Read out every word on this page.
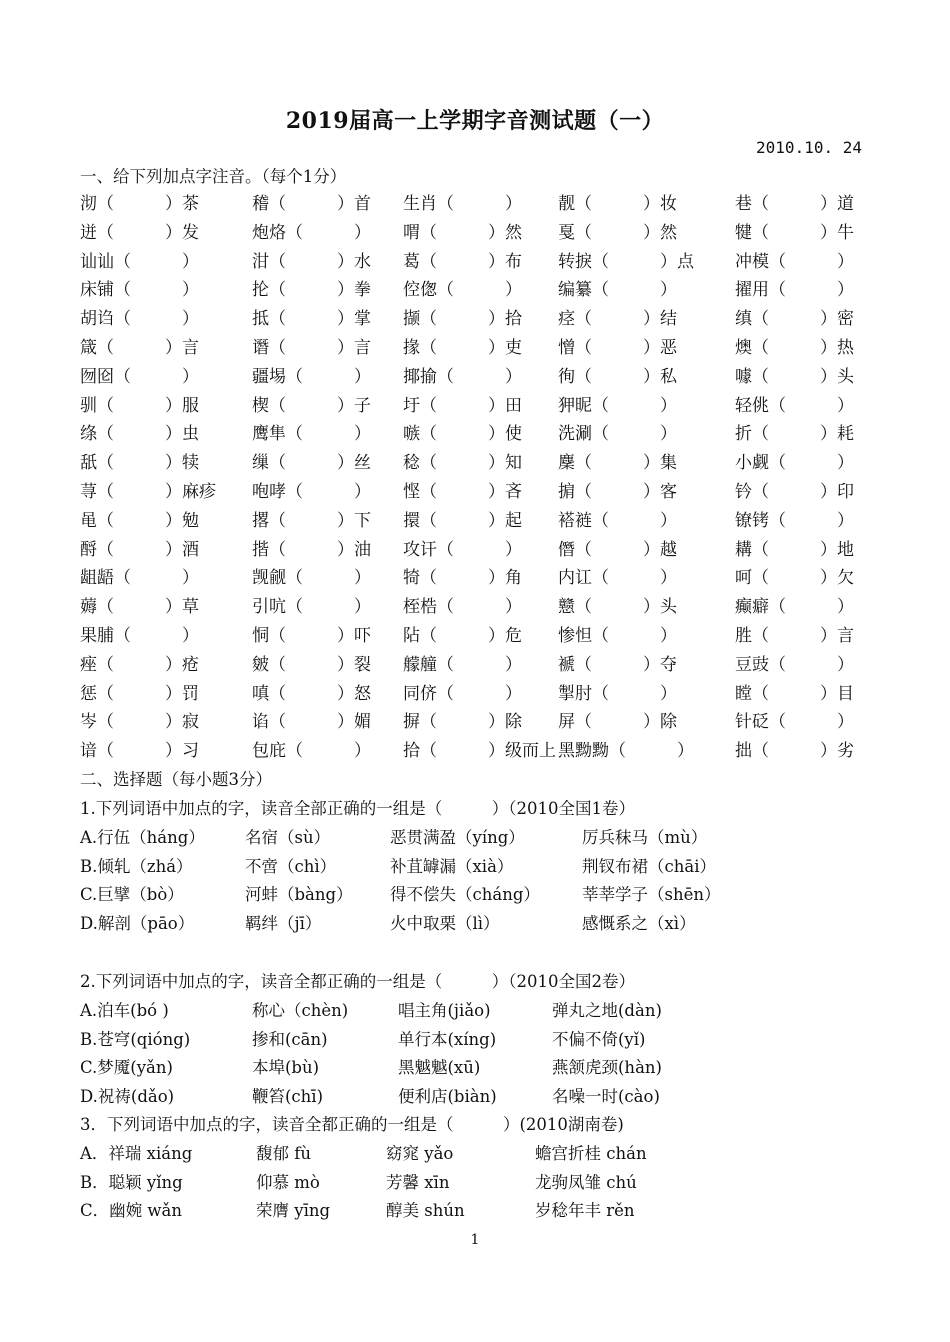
2019届高一上学期字音测试题（一）
2010.10. 24
一、给下列加点字注音。（每个1分）
沏（　　　）茶	稽（　　　）首 生肖（　　　） 靓（　　　）妆	巷（　　　）道
迸（　　　）发	炮烙（　　　） 喟（　　　）然 戛（　　　）然	犍（　　　）牛
讪讪（　　　）	泔（　　　）水 葛（　　　）布 转捩（　　　）点 冲模（　　　）
床铺（　　　）	抡（　　　）拳 倥偬（　　　） 编纂（　　　）	擢用（　　　）
胡诌（　　　）	抵（　　　）掌 撷（　　　）拾 痉（　　　）结	缜（　　　）密
箴（　　　）言	谮（　　　）言 掾（　　　）吏 憎（　　　）恶	燠（　　　）热
囫囵（　　　）	疆埸（　　　） 揶揄（　　　） 徇（　　　）私	噱（　　　）头
驯（　　　）服	楔（　　　）子 圩（　　　）田 狎昵（　　　）	轻佻（　　　）
绦（　　　）虫	鹰隼（　　　） 嗾（　　　）使 洗涮（　　　）	折（　　　）耗
舐（　　　）犊	缫（　　　）丝 稔（　　　）知 麇（　　　）集	小觑（　　　）
荨（　　　）麻疹 咆哮（　　　） 悭（　　　）吝 掮（　　　）客	钤（　　　）印
黾（　　　）勉	撂（　　　）下 擐（　　　）起 褡裢（　　　）	镣铐（　　　）
酹（　　　）酒	揩（　　　）油 攻讦（　　　） 僭（　　　）越	耩（　　　）地
龃龉（　　　）	觊觎（　　　） 犄（　　　）角 内讧（　　　）	呵（　　　）欠
薅（　　　）草	引吭（　　　） 桎梏（　　　） 戆（　　　）头	癫癖（　　　）
果脯（　　　）	恫（　　　）吓 阽（　　　）危 惨怛（　　　）	胜（　　　）言
痤（　　　）疮	皴（　　　）裂 艨艟（　　　） 褫（　　　）夺	豆豉（　　　）
惩（　　　）罚	嗔（　　　）怒 同侪（　　　） 掣肘（　　　）	瞠（　　　）目
岑（　　　）寂	谄（　　　）媚 摒（　　　）除 屏（　　　）除	针砭（　　　）
谙（　　　）习	包庇（　　　） 拾（　　　）级而上 黑黝黝（　　　） 拙（　　　）劣
二、选择题（每小题3分）
1.下列词语中加点的字，读音全部正确的一组是（　　　）（2010全国1卷）
A.行伍（háng） 名宿（sù）	恶贯满盈（yíng）	厉兵秣马（mù）
B.倾轧（zhá）	不啻（chì）	补苴罅漏（xià）	荆钗布裙（chāi）
C.巨擘（bò）	河蚌（bàng） 得不偿失（cháng）	莘莘学子（shēn）
D.解剖（pāo）	羁绊（jī）	火中取栗（lì）	感慨系之（xì）
2.下列词语中加点的字，读音全都正确的一组是（　　　）（2010全国2卷）
A.泊车(bó )	称心（chèn)	唱主角(jiǎo)	弹丸之地(dàn)
B.苍穹(qióng)	掺和(cān)	单行本(xíng)	不偏不倚(yǐ)
C.梦魇(yǎn)	本埠(bù)	黑魆魆(xū)	燕颔虎颈(hàn)
D.祝祷(dǎo)	鞭笞(chī)	便利店(biàn)	名噪一时(cào)
3．下列词语中加点的字，读音全都正确的一组是（　　　）(2010湖南卷)
A．祥瑞 xiáng	馥郁 fù	窈窕 yǎo	蟾宫折桂 chán
B．聪颖 yǐng	仰慕 mò	芳馨 xīn	龙驹凤雏 chú
C．幽婉 wǎn	荣膺 yīng	醇美 shún	岁稔年丰 rěn
1
